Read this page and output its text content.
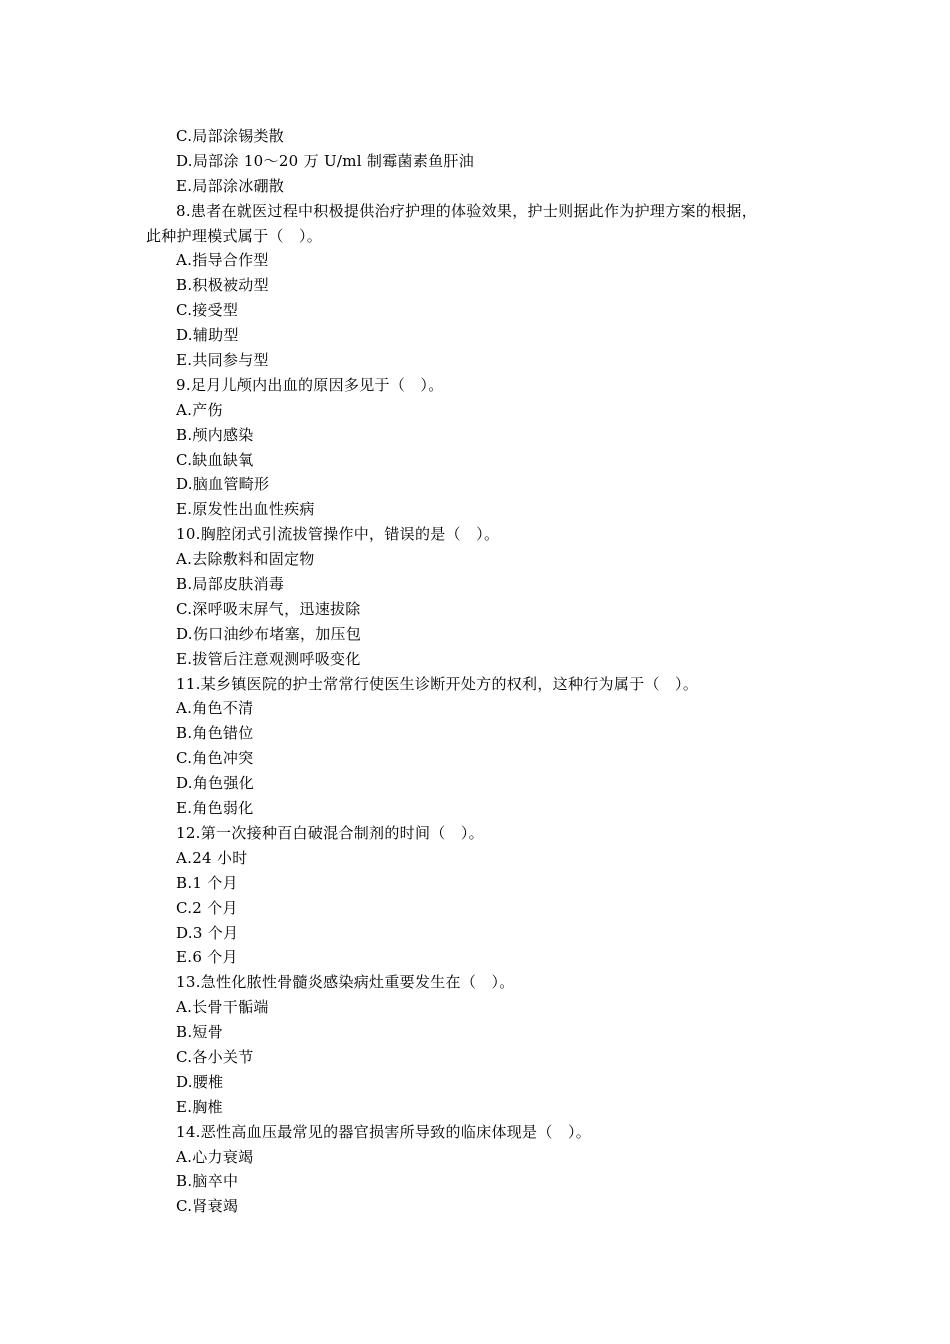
C.局部涂锡类散
D.局部涂 10～20 万 U/ml 制霉菌素鱼肝油
E.局部涂冰硼散
8.患者在就医过程中积极提供治疗护理的体验效果，护士则据此作为护理方案的根据，
此种护理模式属于（　）。
A.指导合作型
B.积极被动型
C.接受型
D.辅助型
E.共同参与型
9.足月儿颅内出血的原因多见于（　）。
A.产伤
B.颅内感染
C.缺血缺氧
D.脑血管畸形
E.原发性出血性疾病
10.胸腔闭式引流拔管操作中，错误的是（　）。
A.去除敷料和固定物
B.局部皮肤消毒
C.深呼吸末屏气，迅速拔除
D.伤口油纱布堵塞，加压包
E.拔管后注意观测呼吸变化
11.某乡镇医院的护士常常行使医生诊断开处方的权利，这种行为属于（　）。
A.角色不清
B.角色错位
C.角色冲突
D.角色强化
E.角色弱化
12.第一次接种百白破混合制剂的时间（　）。
A.24 小时
B.1 个月
C.2 个月
D.3 个月
E.6 个月
13.急性化脓性骨髓炎感染病灶重要发生在（　）。
A.长骨干骺端
B.短骨
C.各小关节
D.腰椎
E.胸椎
14.恶性高血压最常见的器官损害所导致的临床体现是（　）。
A.心力衰竭
B.脑卒中
C.肾衰竭
